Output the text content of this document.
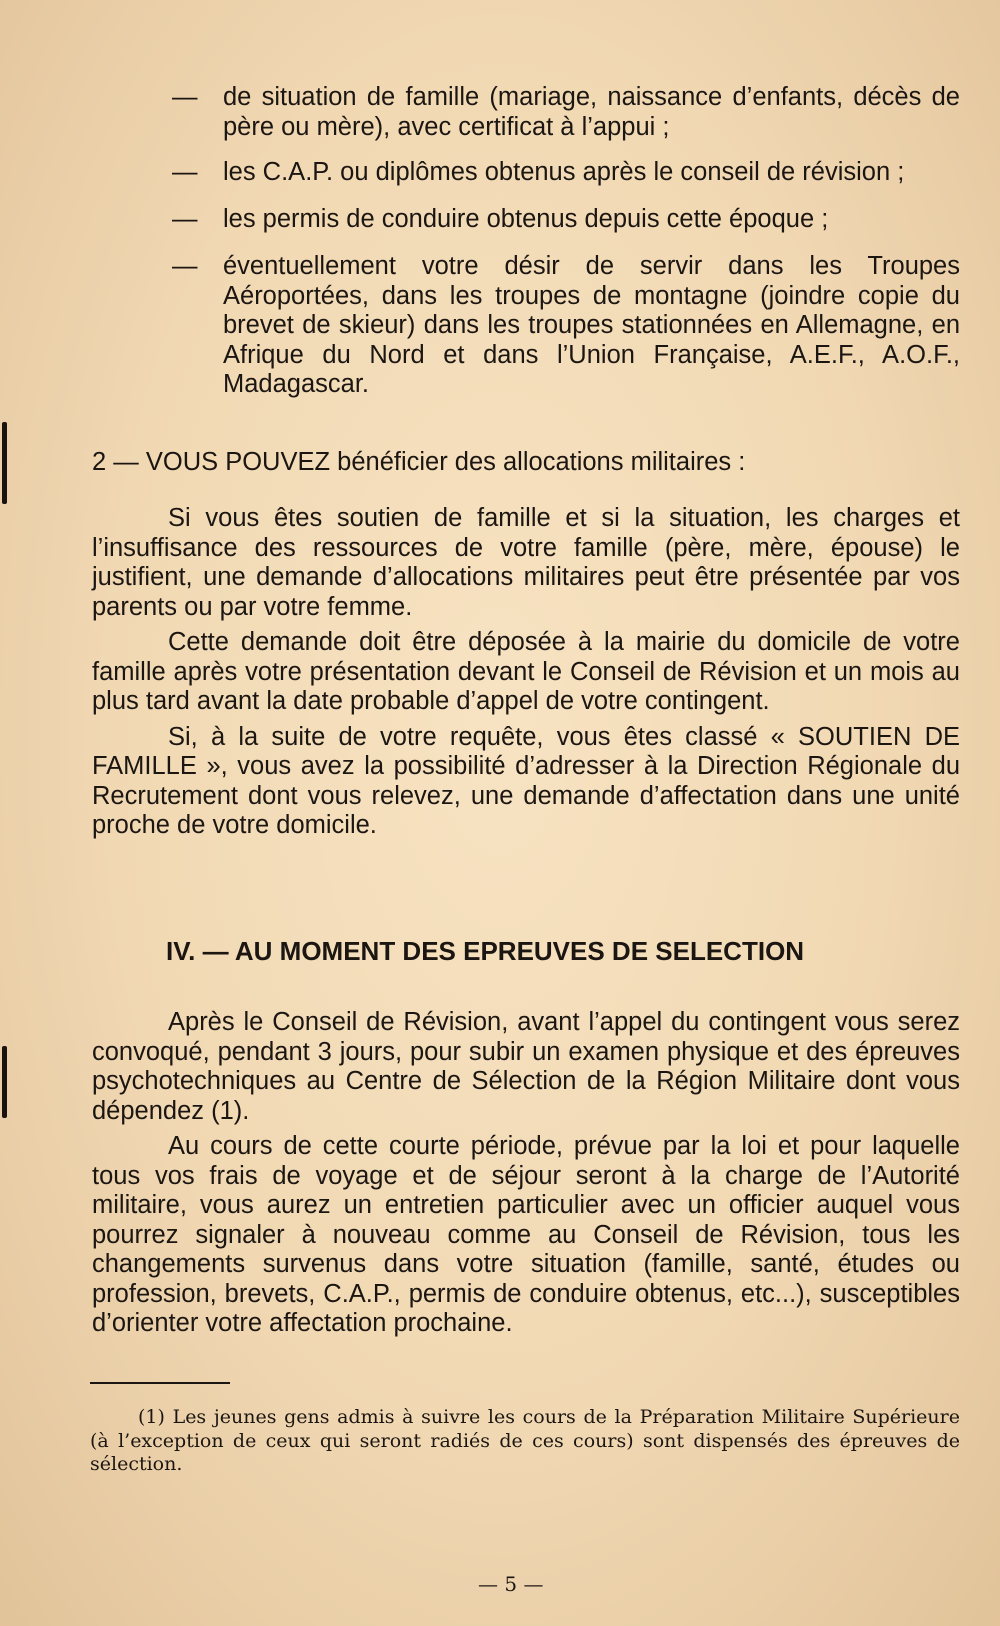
— de situation de famille (mariage, naissance d’enfants, décès de père ou mère), avec certificat à l’appui ;
— les C.A.P. ou diplômes obtenus après le conseil de révision ;
— les permis de conduire obtenus depuis cette époque ;
— éventuellement votre désir de servir dans les Troupes Aéroportées, dans les troupes de montagne (joindre copie du brevet de skieur) dans les troupes stationnées en Allemagne, en Afrique du Nord et dans l’Union Française, A.E.F., A.O.F., Madagascar.
2 — VOUS POUVEZ bénéficier des allocations militaires :

Si vous êtes soutien de famille et si la situation, les charges et l’insuffisance des ressources de votre famille (père, mère, épouse) le justifient, une demande d’allocations militaires peut être présentée par vos parents ou par votre femme.

Cette demande doit être déposée à la mairie du domicile de votre famille après votre présentation devant le Conseil de Révision et un mois au plus tard avant la date probable d’appel de votre contingent.

Si, à la suite de votre requête, vous êtes classé « SOUTIEN DE FAMILLE », vous avez la possibilité d’adresser à la Direction Régionale du Recrutement dont vous relevez, une demande d’affectation dans une unité proche de votre domicile.

IV. — AU MOMENT DES EPREUVES DE SELECTION

Après le Conseil de Révision, avant l’appel du contingent vous serez convoqué, pendant 3 jours, pour subir un examen physique et des épreuves psychotechniques au Centre de Sélection de la Région Militaire dont vous dépendez (1).

Au cours de cette courte période, prévue par la loi et pour laquelle tous vos frais de voyage et de séjour seront à la charge de l’Autorité militaire, vous aurez un entretien particulier avec un officier auquel vous pourrez signaler à nouveau comme au Conseil de Révision, tous les changements survenus dans votre situation (famille, santé, études ou profession, brevets, C.A.P., permis de conduire obtenus, etc...), susceptibles d’orienter votre affectation prochaine.

(1) Les jeunes gens admis à suivre les cours de la Préparation Militaire Supérieure (à l’exception de ceux qui seront radiés de ces cours) sont dispensés des épreuves de sélection.
— 5 —
